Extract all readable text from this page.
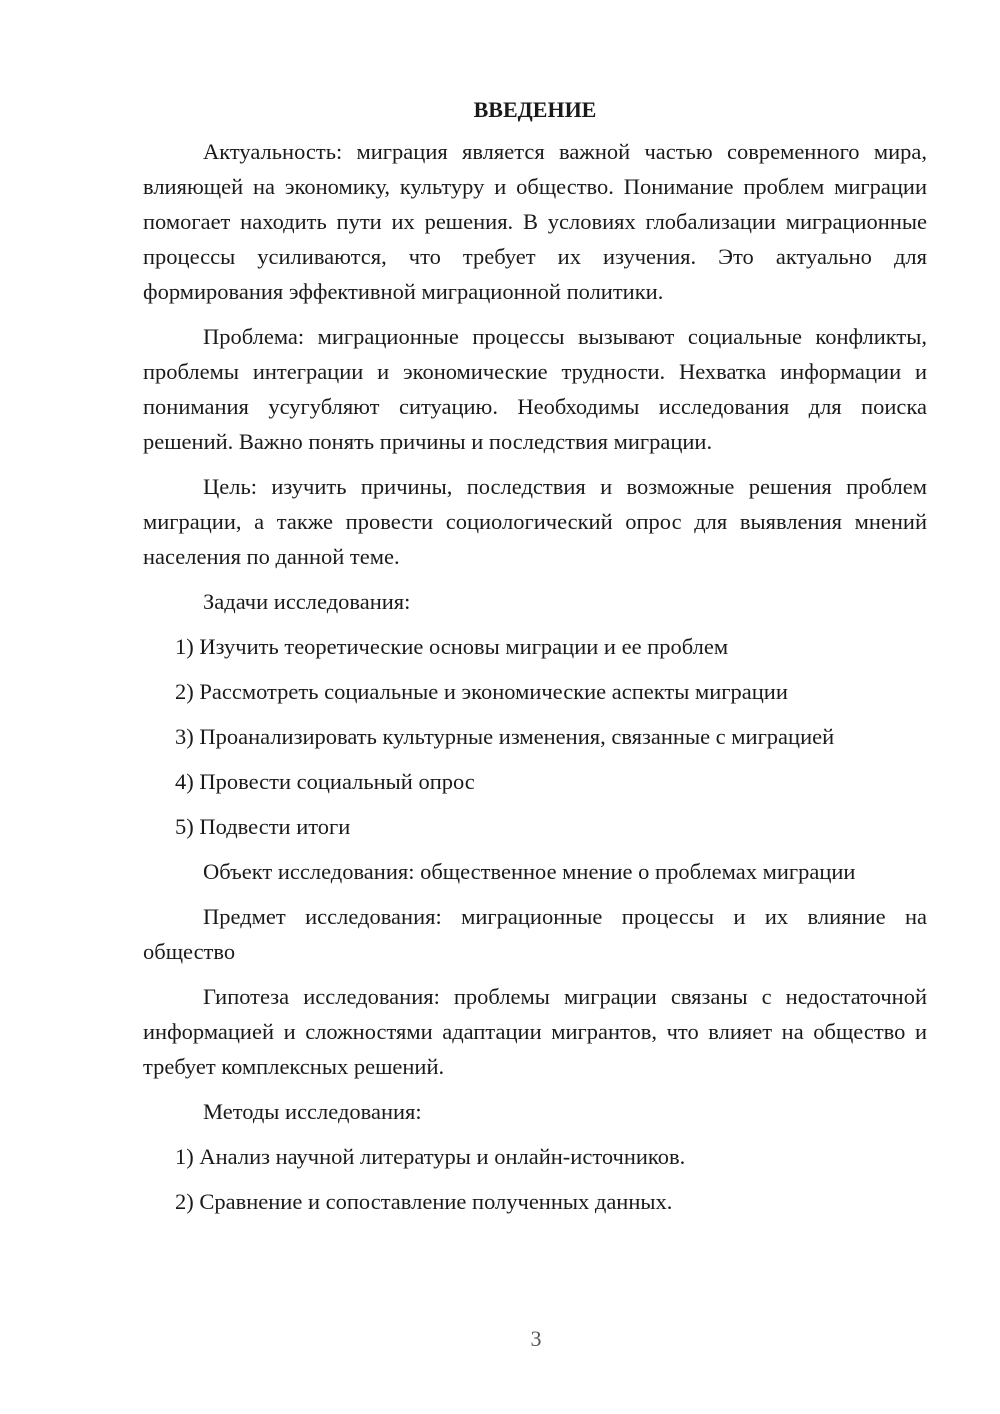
ВВЕДЕНИЕ

Актуальность: миграция является важной частью современного мира, влияющей на экономику, культуру и общество. Понимание проблем миграции помогает находить пути их решения. В условиях глобализации миграционные процессы усиливаются, что требует их изучения. Это актуально для формирования эффективной миграционной политики.

Проблема: миграционные процессы вызывают социальные конфликты, проблемы интеграции и экономические трудности. Нехватка информации и понимания усугубляют ситуацию. Необходимы исследования для поиска решений. Важно понять причины и последствия миграции.

Цель: изучить причины, последствия и возможные решения проблем миграции, а также провести социологический опрос для выявления мнений населения по данной теме.

Задачи исследования:

1) Изучить теоретические основы миграции и ее проблем

2) Рассмотреть социальные и экономические аспекты миграции

3) Проанализировать культурные изменения, связанные с миграцией

4) Провести социальный опрос

5) Подвести итоги

Объект исследования: общественное мнение о проблемах миграции

Предмет исследования: миграционные процессы и их влияние на общество

Гипотеза исследования: проблемы миграции связаны с недостаточной информацией и сложностями адаптации мигрантов, что влияет на общество и требует комплексных решений.

Методы исследования:

1) Анализ научной литературы и онлайн-источников.

2) Сравнение и сопоставление полученных данных.

3
